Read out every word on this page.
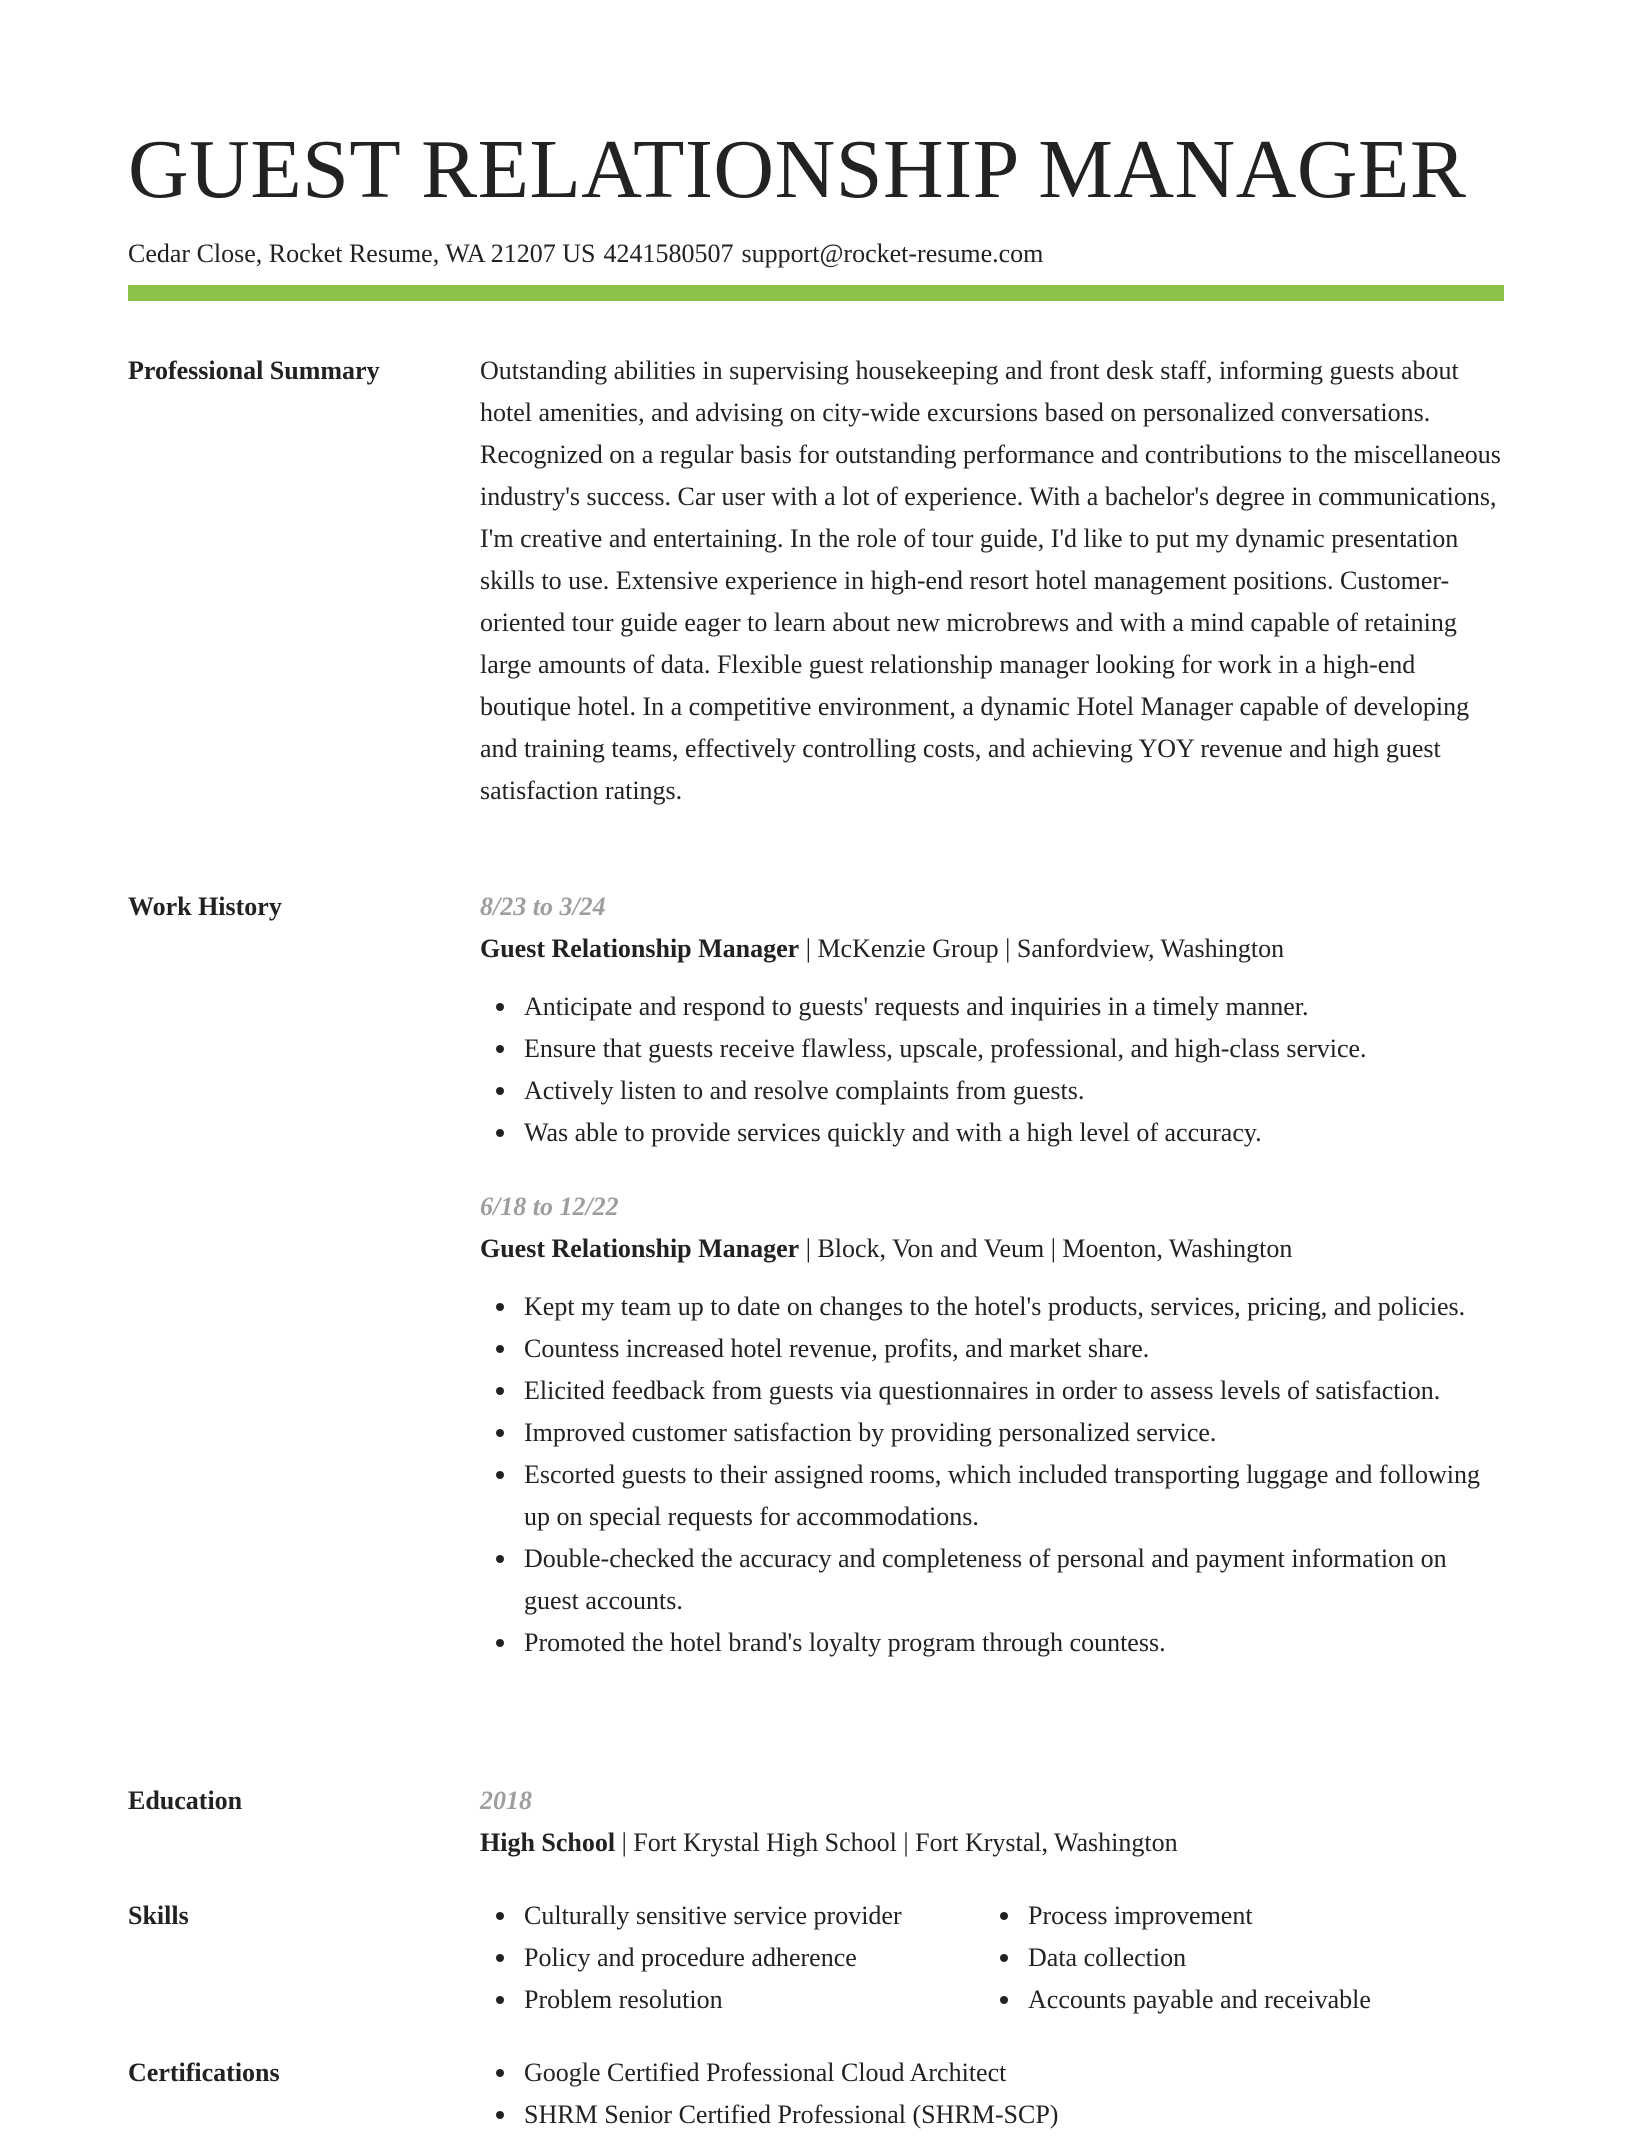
GUEST RELATIONSHIP MANAGER
Cedar Close, Rocket Resume, WA 21207 US 4241580507 support@rocket-resume.com
Professional Summary	Outstanding abilities in supervising housekeeping and front desk staff, informing guests about hotel amenities, and advising on city-wide excursions based on personalized conversations. Recognized on a regular basis for outstanding performance and contributions to the miscellaneous industry's success. Car user with a lot of experience. With a bachelor's degree in communications, I'm creative and entertaining. In the role of tour guide, I'd like to put my dynamic presentation skills to use. Extensive experience in high-end resort hotel management positions. Customer-oriented tour guide eager to learn about new microbrews and with a mind capable of retaining large amounts of data. Flexible guest relationship manager looking for work in a high-end boutique hotel. In a competitive environment, a dynamic Hotel Manager capable of developing and training teams, effectively controlling costs, and achieving YOY revenue and high guest satisfaction ratings.

Work History	8/23 to 3/24

Guest Relationship Manager | McKenzie Group | Sanfordview, Washington

Anticipate and respond to guests' requests and inquiries in a timely manner.
Ensure that guests receive flawless, upscale, professional, and high-class service.
Actively listen to and resolve complaints from guests.
Was able to provide services quickly and with a high level of accuracy.

6/18 to 12/22

Guest Relationship Manager | Block, Von and Veum | Moenton, Washington

Kept my team up to date on changes to the hotel's products, services, pricing, and policies.
Countess increased hotel revenue, profits, and market share.
Elicited feedback from guests via questionnaires in order to assess levels of satisfaction.
Improved customer satisfaction by providing personalized service.
Escorted guests to their assigned rooms, which included transporting luggage and following up on special requests for accommodations.
Double-checked the accuracy and completeness of personal and payment information on guest accounts.
Promoted the hotel brand's loyalty program through countess.
Education	2018

High School | Fort Krystal High School | Fort Krystal, Washington

Skills	Culturally sensitive service provider
Policy and procedure adherence
Problem resolution
Process improvement
Data collection
Accounts payable and receivable
Certifications	Google Certified Professional Cloud Architect
SHRM Senior Certified Professional (SHRM-SCP)
